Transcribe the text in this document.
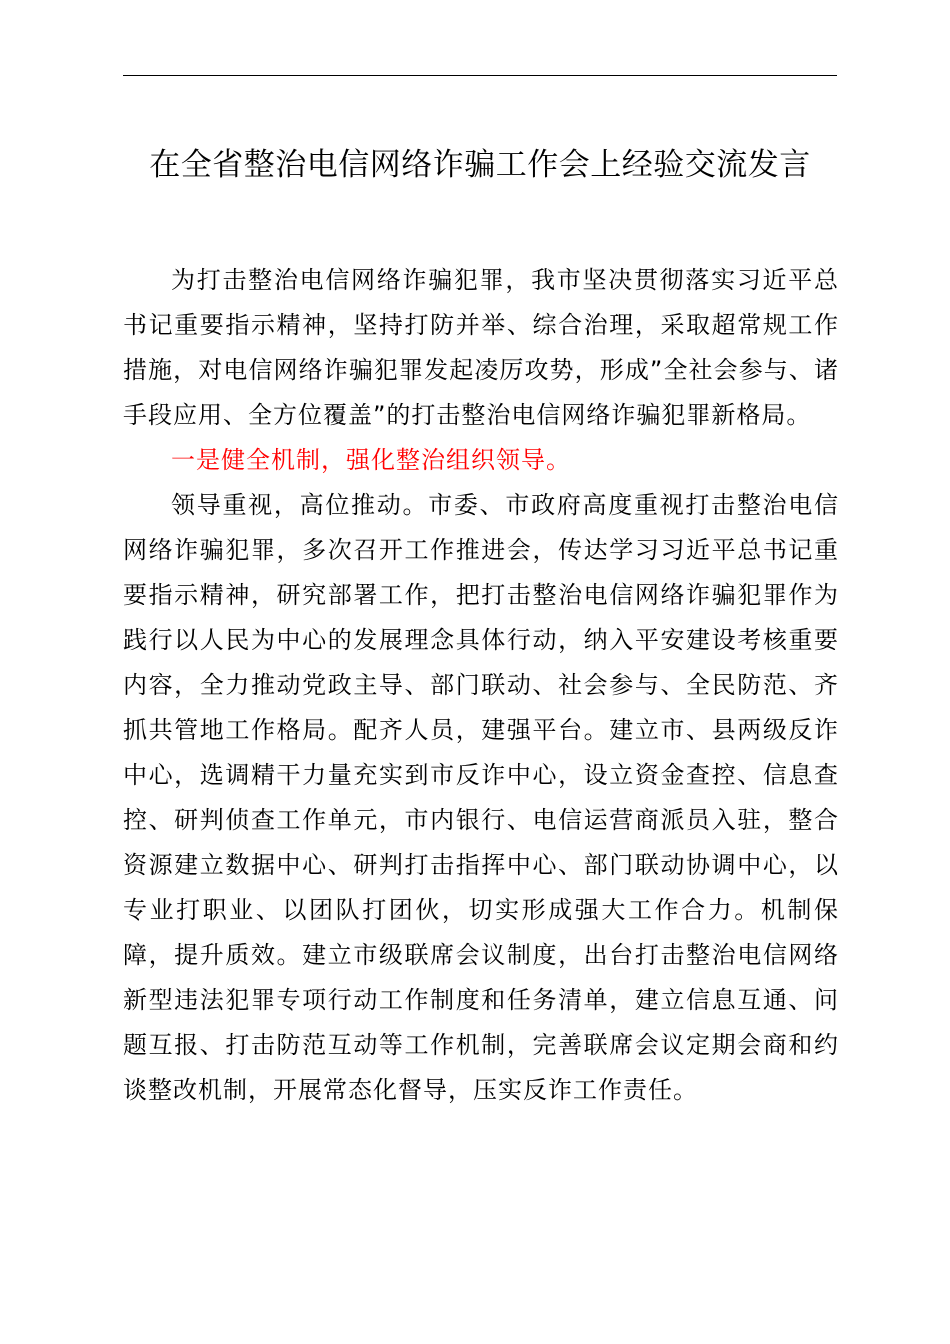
在全省整治电信网络诈骗工作会上经验交流发言

为打击整治电信网络诈骗犯罪，我市坚决贯彻落实习近平总书记重要指示精神，坚持打防并举、综合治理，采取超常规工作措施，对电信网络诈骗犯罪发起凌厉攻势，形成”全社会参与、诸手段应用、全方位覆盖”的打击整治电信网络诈骗犯罪新格局。

一是健全机制，强化整治组织领导。

领导重视，高位推动。市委、市政府高度重视打击整治电信网络诈骗犯罪，多次召开工作推进会，传达学习习近平总书记重要指示精神，研究部署工作，把打击整治电信网络诈骗犯罪作为践行以人民为中心的发展理念具体行动，纳入平安建设考核重要内容，全力推动党政主导、部门联动、社会参与、全民防范、齐抓共管地工作格局。配齐人员，建强平台。建立市、县两级反诈中心，选调精干力量充实到市反诈中心，设立资金查控、信息查控、研判侦查工作单元，市内银行、电信运营商派员入驻，整合资源建立数据中心、研判打击指挥中心、部门联动协调中心，以专业打职业、以团队打团伙，切实形成强大工作合力。机制保障，提升质效。建立市级联席会议制度，出台打击整治电信网络新型违法犯罪专项行动工作制度和任务清单，建立信息互通、问题互报、打击防范互动等工作机制，完善联席会议定期会商和约谈整改机制，开展常态化督导，压实反诈工作责任。
